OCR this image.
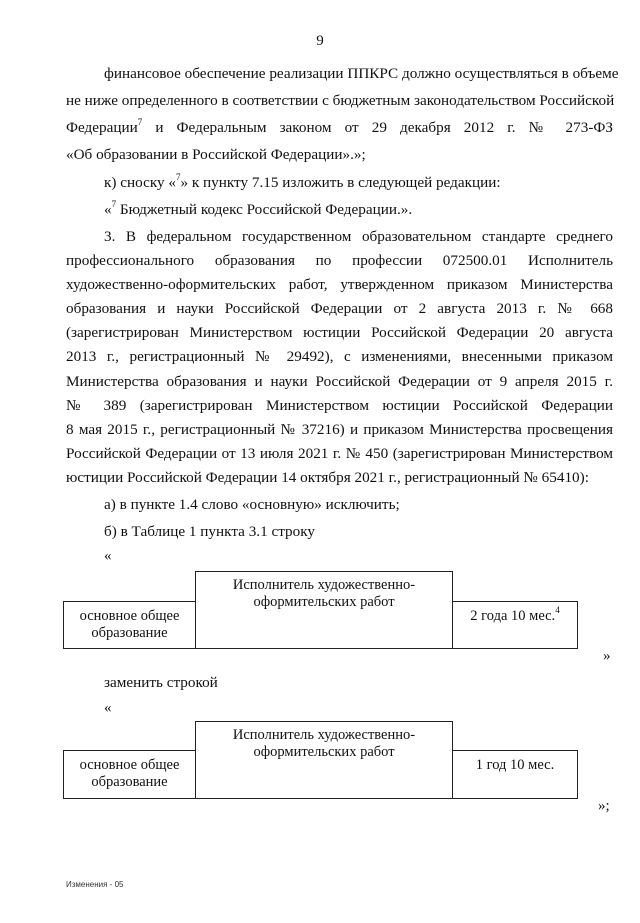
9
финансовое обеспечение реализации ППКРС должно осуществляться в объеме
не ниже определенного в соответствии с бюджетным законодательством Российской
Федерации$^7$ и Федеральным законом от 29 декабря 2012 г. № 273-ФЗ
«Об образовании в Российской Федерации».»;
к) сноску «$^7$» к пункту 7.15 изложить в следующей редакции:
«$^7$ Бюджетный кодекс Российской Федерации.».
3. В федеральном государственном образовательном стандарте среднего
профессионального образования по профессии 072500.01 Исполнитель
художественно-оформительских работ, утвержденном приказом Министерства
образования и науки Российской Федерации от 2 августа 2013 г. № 668
(зарегистрирован Министерством юстиции Российской Федерации 20 августа
2013 г., регистрационный № 29492), с изменениями, внесенными приказом
Министерства образования и науки Российской Федерации от 9 апреля 2015 г.
№ 389 (зарегистрирован Министерством юстиции Российской Федерации
8 мая 2015 г., регистрационный № 37216) и приказом Министерства просвещения
Российской Федерации от 13 июля 2021 г. № 450 (зарегистрирован Министерством
юстиции Российской Федерации 14 октября 2021 г., регистрационный № 65410):
а) в пункте 1.4 слово «основную» исключить;
б) в Таблице 1 пункта 3.1 строку
«
основное общее образование
Исполнитель художественно-оформительских работ
2 года 10 мес.$^4$
»
заменить строкой
«
основное общее образование
Исполнитель художественно-оформительских работ
1 год 10 мес.
»;
Изменения - 05
